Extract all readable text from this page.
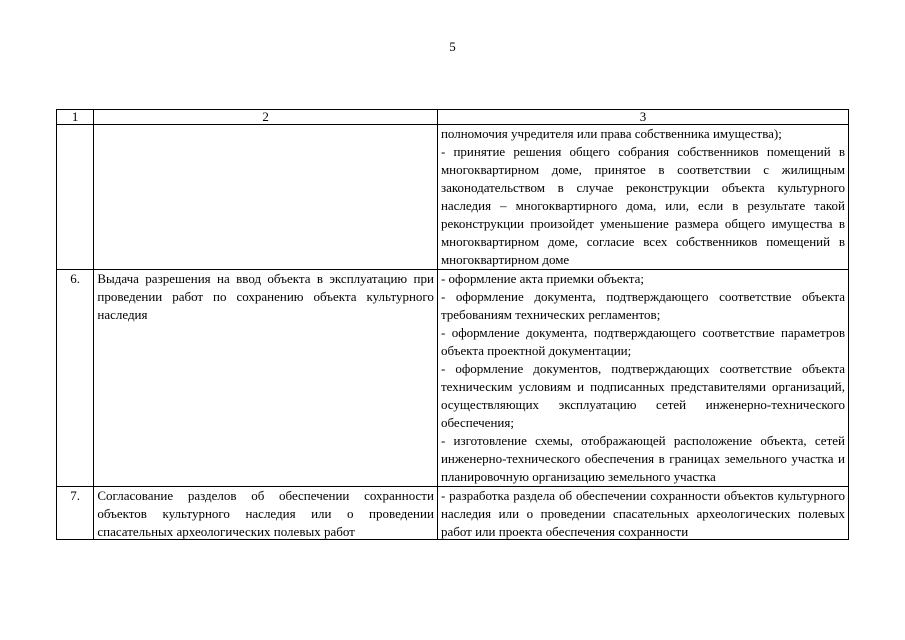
5
1	2	3

		полномочия учредителя или права собственника имущества);

- принятие решения общего собрания собственников помещений в многоквартирном доме, принятое в соответствии с жилищным законодательством в случае реконструкции объекта культурного наследия – многоквартирного дома, или, если в результате такой реконструкции произойдет уменьшение размера общего имущества в многоквартирном доме, согласие всех собственников помещений в многоквартирном доме

6.	Выдача разрешения на ввод объекта в эксплуатацию при проведении работ по сохранению объекта культурного наследия	- оформление акта приемки объекта;

- оформление документа, подтверждающего соответствие объекта требованиям технических регламентов;

- оформление документа, подтверждающего соответствие параметров объекта проектной документации;

- оформление документов, подтверждающих соответствие объекта техническим условиям и подписанных представителями организаций, осуществляющих эксплуатацию сетей инженерно-технического обеспечения;

- изготовление схемы, отображающей расположение объекта, сетей инженерно-технического обеспечения в границах земельного участка и планировочную организацию земельного участка

7.	Согласование разделов об обеспечении сохранности объектов культурного наследия или о проведении спасательных археологических полевых работ	- разработка раздела об обеспечении сохранности объектов культурного наследия или о проведении спасательных археологических полевых работ или проекта обеспечения сохранности
